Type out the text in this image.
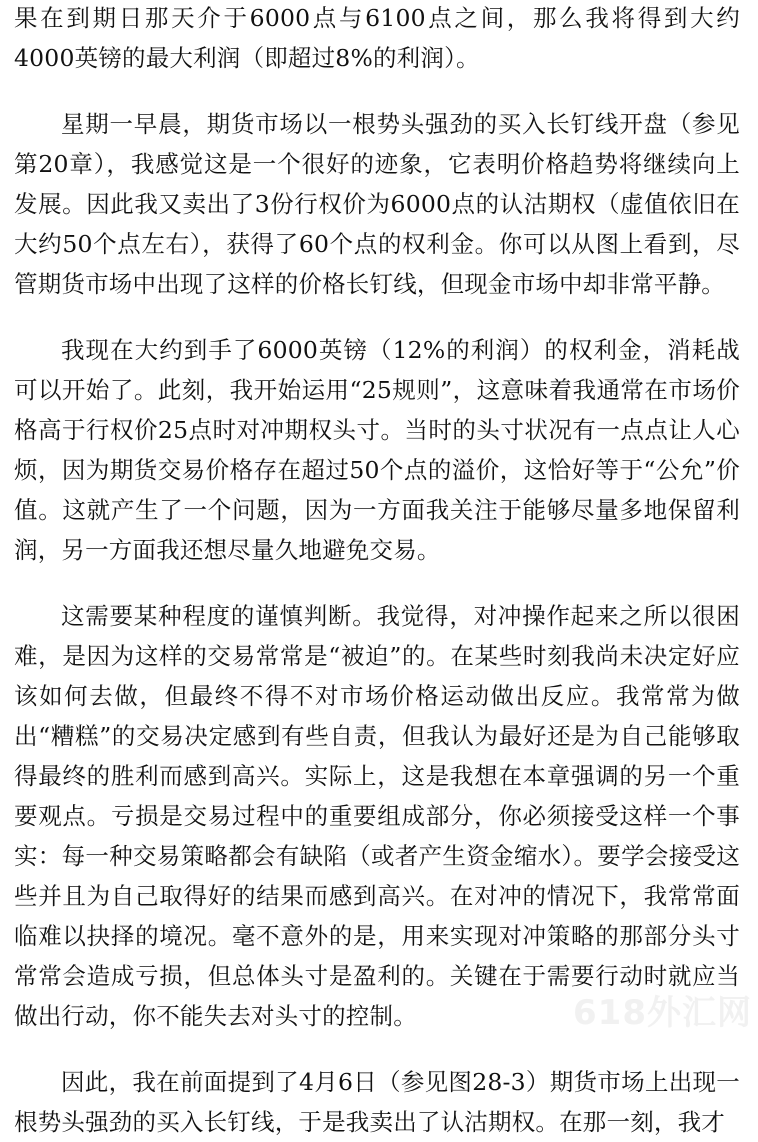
果在到期日那天介于6000点与6100点之间，那么我将得到大约4000英镑的最大利润（即超过8%的利润）。

星期一早晨，期货市场以一根势头强劲的买入长钉线开盘（参见第20章），我感觉这是一个很好的迹象，它表明价格趋势将继续向上发展。因此我又卖出了3份行权价为6000点的认沽期权（虚值依旧在大约50个点左右），获得了60个点的权利金。你可以从图上看到，尽管期货市场中出现了这样的价格长钉线，但现金市场中却非常平静。

我现在大约到手了6000英镑（12%的利润）的权利金，消耗战可以开始了。此刻，我开始运用“25规则”，这意味着我通常在市场价格高于行权价25点时对冲期权头寸。当时的头寸状况有一点点让人心烦，因为期货交易价格存在超过50个点的溢价，这恰好等于“公允”价值。这就产生了一个问题，因为一方面我关注于能够尽量多地保留利润，另一方面我还想尽量久地避免交易。

这需要某种程度的谨慎判断。我觉得，对冲操作起来之所以很困难，是因为这样的交易常常是“被迫”的。在某些时刻我尚未决定好应该如何去做，但最终不得不对市场价格运动做出反应。我常常为做出“糟糕”的交易决定感到有些自责，但我认为最好还是为自己能够取得最终的胜利而感到高兴。实际上，这是我想在本章强调的另一个重要观点。亏损是交易过程中的重要组成部分，你必须接受这样一个事实：每一种交易策略都会有缺陷（或者产生资金缩水）。要学会接受这些并且为自己取得好的结果而感到高兴。在对冲的情况下，我常常面临难以抉择的境况。毫不意外的是，用来实现对冲策略的那部分头寸常常会造成亏损，但总体头寸是盈利的。关键在于需要行动时就应当做出行动，你不能失去对头寸的控制。

因此，我在前面提到了4月6日（参见图28-3）期货市场上出现一根势头强劲的买入长钉线，于是我卖出了认沽期权。在那一刻，我才

618外汇网
